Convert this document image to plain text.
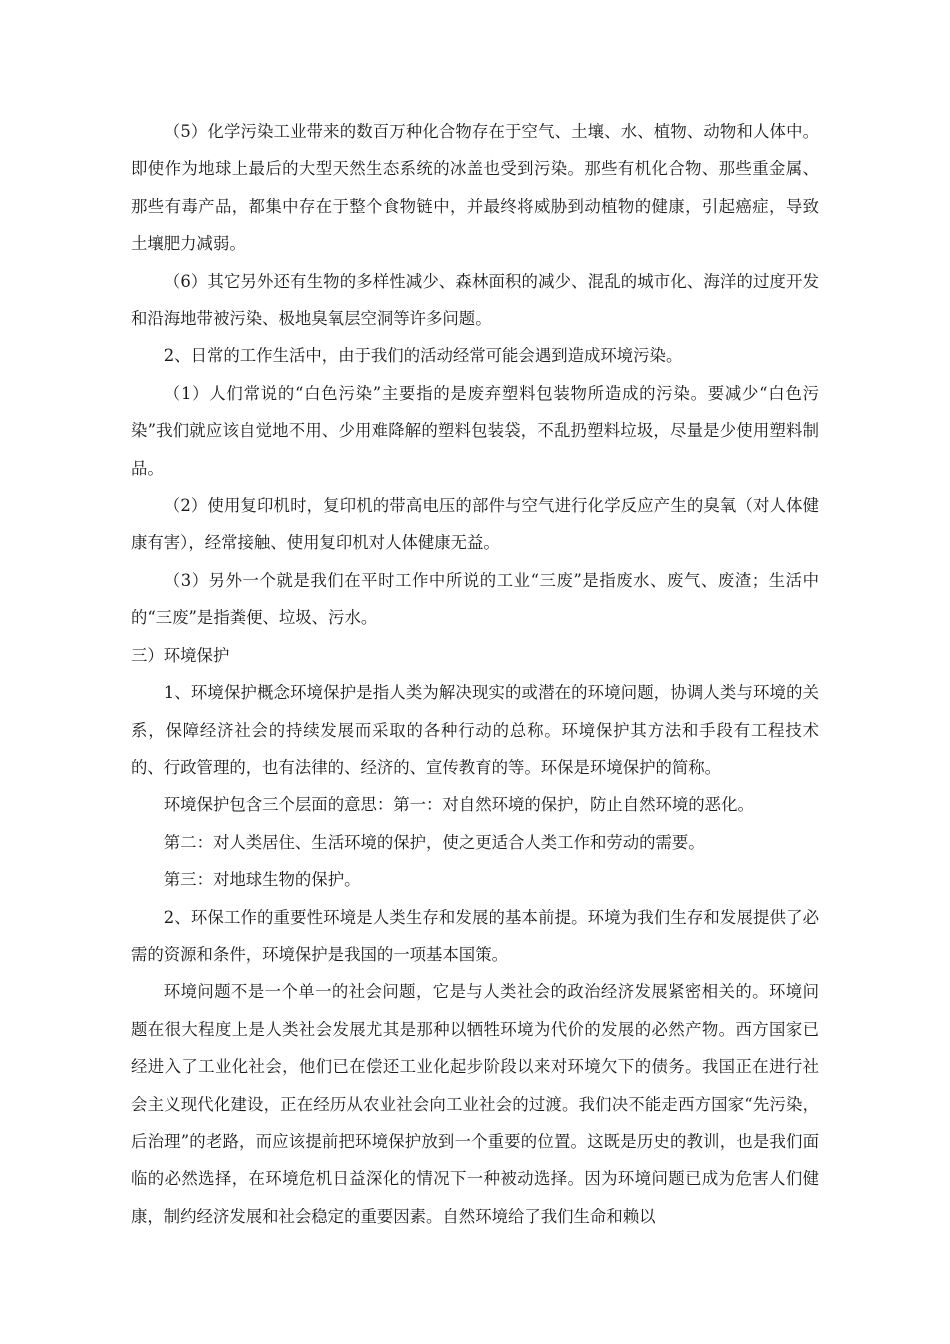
（5）化学污染工业带来的数百万种化合物存在于空气、土壤、水、植物、动物和人体中。即使作为地球上最后的大型天然生态系统的冰盖也受到污染。那些有机化合物、那些重金属、那些有毒产品，都集中存在于整个食物链中，并最终将威胁到动植物的健康，引起癌症，导致土壤肥力减弱。

（6）其它另外还有生物的多样性减少、森林面积的减少、混乱的城市化、海洋的过度开发和沿海地带被污染、极地臭氧层空洞等许多问题。

2、日常的工作生活中，由于我们的活动经常可能会遇到造成环境污染。

（1）人们常说的“白色污染”主要指的是废弃塑料包装物所造成的污染。要减少“白色污染”我们就应该自觉地不用、少用难降解的塑料包装袋，不乱扔塑料垃圾，尽量是少使用塑料制品。

（2）使用复印机时，复印机的带高电压的部件与空气进行化学反应产生的臭氧（对人体健康有害），经常接触、使用复印机对人体健康无益。

（3）另外一个就是我们在平时工作中所说的工业“三废”是指废水、废气、废渣；生活中的“三废”是指粪便、垃圾、污水。

三）环境保护

1、环境保护概念环境保护是指人类为解决现实的或潜在的环境问题，协调人类与环境的关系，保障经济社会的持续发展而采取的各种行动的总称。环境保护其方法和手段有工程技术的、行政管理的，也有法律的、经济的、宣传教育的等。环保是环境保护的简称。

环境保护包含三个层面的意思：第一：对自然环境的保护，防止自然环境的恶化。

第二：对人类居住、生活环境的保护，使之更适合人类工作和劳动的需要。

第三：对地球生物的保护。

2、环保工作的重要性环境是人类生存和发展的基本前提。环境为我们生存和发展提供了必需的资源和条件，环境保护是我国的一项基本国策。

环境问题不是一个单一的社会问题，它是与人类社会的政治经济发展紧密相关的。环境问题在很大程度上是人类社会发展尤其是那种以牺牲环境为代价的发展的必然产物。西方国家已经进入了工业化社会，他们已在偿还工业化起步阶段以来对环境欠下的债务。我国正在进行社会主义现代化建设，正在经历从农业社会向工业社会的过渡。我们决不能走西方国家“先污染，后治理”的老路，而应该提前把环境保护放到一个重要的位置。这既是历史的教训，也是我们面临的必然选择，在环境危机日益深化的情况下一种被动选择。因为环境问题已成为危害人们健康，制约经济发展和社会稳定的重要因素。自然环境给了我们生命和赖以
